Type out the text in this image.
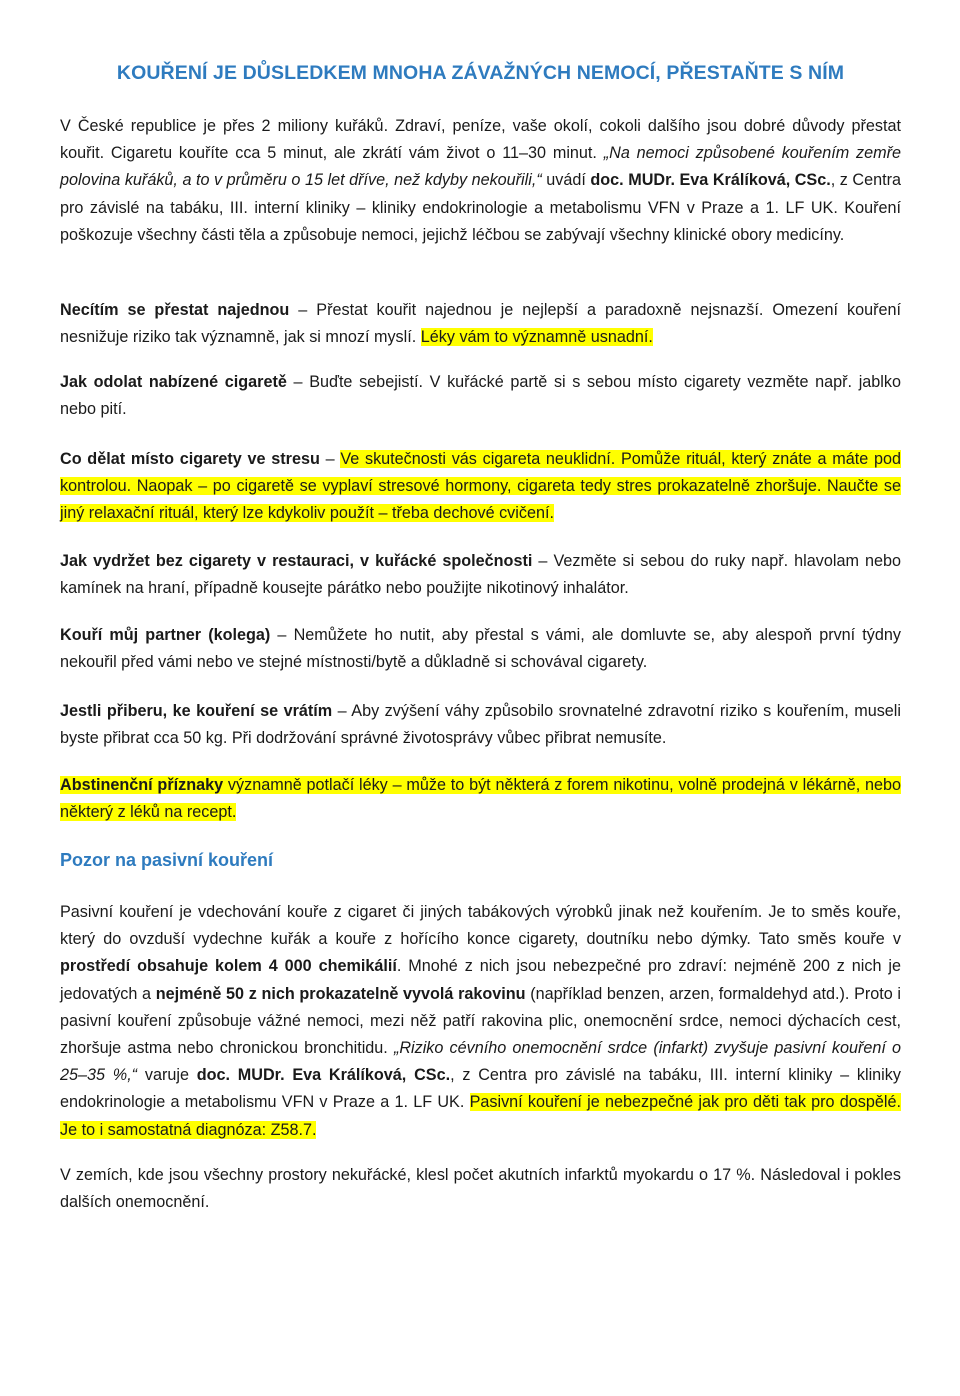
KOUŘENÍ JE DŮSLEDKEM MNOHA ZÁVAŽNÝCH NEMOCÍ, PŘESTAŇTE S NÍM

V České republice je přes 2 miliony kuřáků. Zdraví, peníze, vaše okolí, cokoli dalšího jsou dobré důvody přestat kouřit. Cigaretu kouříte cca 5 minut, ale zkrátí vám život o 11–30 minut. „Na nemoci způsobené kouřením zemře polovina kuřáků, a to v průměru o 15 let dříve, než kdyby nekouřili,“ uvádí doc. MUDr. Eva Králíková, CSc., z Centra pro závislé na tabáku, III. interní kliniky – kliniky endokrinologie a metabolismu VFN v Praze a 1. LF UK. Kouření poškozuje všechny části těla a způsobuje nemoci, jejichž léčbou se zabývají všechny klinické obory medicíny.

Necítím se přestat najednou – Přestat kouřit najednou je nejlepší a paradoxně nejsnazší. Omezení kouření nesnižuje riziko tak významně, jak si mnozí myslí. Léky vám to významně usnadní.

Jak odolat nabízené cigaretě – Buďte sebejistí. V kuřácké partě si s sebou místo cigarety vezměte např. jablko nebo pití.

Co dělat místo cigarety ve stresu – Ve skutečnosti vás cigareta neuklidní. Pomůže rituál, který znáte a máte pod kontrolou. Naopak – po cigaretě se vyplaví stresové hormony, cigareta tedy stres prokazatelně zhoršuje. Naučte se jiný relaxační rituál, který lze kdykoliv použít – třeba dechové cvičení.

Jak vydržet bez cigarety v restauraci, v kuřácké společnosti – Vezměte si sebou do ruky např. hlavolam nebo kamínek na hraní, případně kousejte párátko nebo použijte nikotinový inhalátor.

Kouří můj partner (kolega) – Nemůžete ho nutit, aby přestal s vámi, ale domluvte se, aby alespoň první týdny nekouřil před vámi nebo ve stejné místnosti/bytě a důkladně si schovával cigarety.

Jestli přiberu, ke kouření se vrátím – Aby zvýšení váhy způsobilo srovnatelné zdravotní riziko s kouřením, museli byste přibrat cca 50 kg. Při dodržování správné životosprávy vůbec přibrat nemusíte.

Abstinenční příznaky významně potlačí léky – může to být některá z forem nikotinu, volně prodejná v lékárně, nebo některý z léků na recept.

Pozor na pasivní kouření

Pasivní kouření je vdechování kouře z cigaret či jiných tabákových výrobků jinak než kouřením. Je to směs kouře, který do ovzduší vydechne kuřák a kouře z hořícího konce cigarety, doutníku nebo dýmky. Tato směs kouře v prostředí obsahuje kolem 4 000 chemikálií. Mnohé z nich jsou nebezpečné pro zdraví: nejméně 200 z nich je jedovatých a nejméně 50 z nich prokazatelně vyvolá rakovinu (například benzen, arzen, formaldehyd atd.). Proto i pasivní kouření způsobuje vážné nemoci, mezi něž patří rakovina plic, onemocnění srdce, nemoci dýchacích cest, zhoršuje astma nebo chronickou bronchitidu. „Riziko cévního onemocnění srdce (infarkt) zvyšuje pasivní kouření o 25–35 %,“ varuje doc. MUDr. Eva Králíková, CSc., z Centra pro závislé na tabáku, III. interní kliniky – kliniky endokrinologie a metabolismu VFN v Praze a 1. LF UK. Pasivní kouření je nebezpečné jak pro děti tak pro dospělé. Je to i samostatná diagnóza: Z58.7.

V zemích, kde jsou všechny prostory nekuřácké, klesl počet akutních infarktů myokardu o 17 %. Následoval i pokles dalších onemocnění.
